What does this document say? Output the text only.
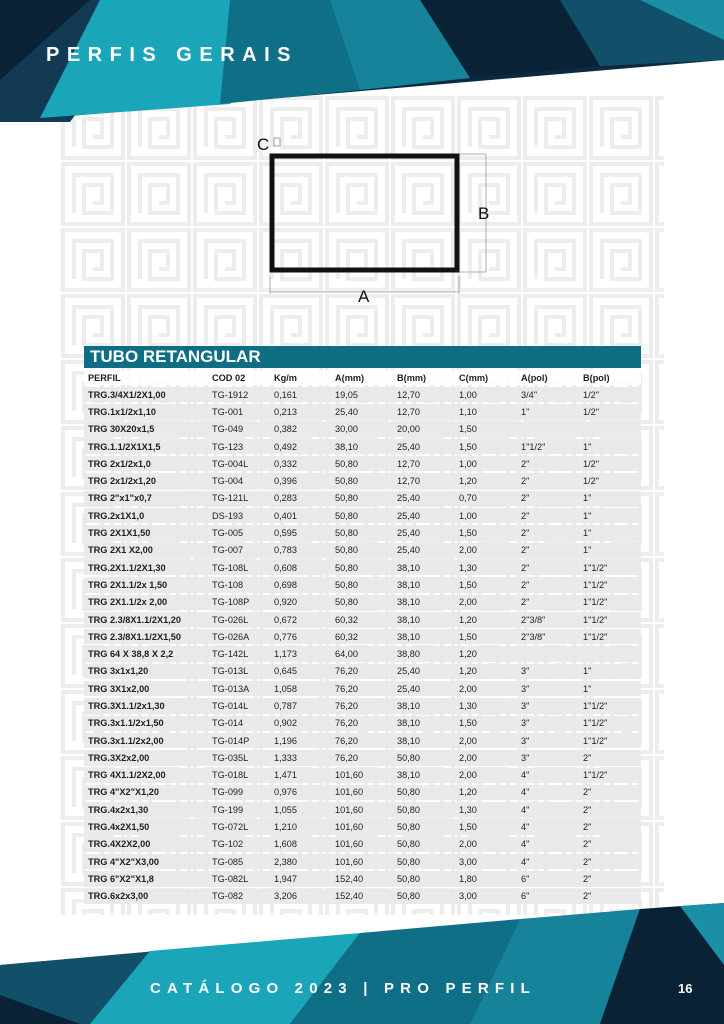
PERFIS GERAIS
C
B
A
TUBO RETANGULAR
PERFIL	COD 02	Kg/m	A(mm)	B(mm)	C(mm)	A(pol)	B(pol)
TRG.3/4X1/2X1,00	TG-1912	0,161	19,05	12,70	1,00	3/4"	1/2"
TRG.1x1/2x1,10	TG-001	0,213	25,40	12,70	1,10	1"	1/2"
TRG 30X20x1,5	TG-049	0,382	30,00	20,00	1,50		
TRG.1.1/2X1X1,5	TG-123	0,492	38,10	25,40	1,50	1"1/2"	1"
TRG 2x1/2x1,0	TG-004L	0,332	50,80	12,70	1,00	2"	1/2"
TRG 2x1/2x1,20	TG-004	0,396	50,80	12,70	1,20	2"	1/2"
TRG 2"x1"x0,7	TG-121L	0,283	50,80	25,40	0,70	2"	1"
TRG.2x1X1,0	DS-193	0,401	50,80	25,40	1,00	2"	1"
TRG 2X1X1,50	TG-005	0,595	50,80	25,40	1,50	2"	1"
TRG 2X1 X2,00	TG-007	0,783	50,80	25,40	2,00	2"	1"
TRG.2X1.1/2X1,30	TG-108L	0,608	50,80	38,10	1,30	2"	1"1/2"
TRG 2X1.1/2x 1,50	TG-108	0,698	50,80	38,10	1,50	2"	1"1/2"
TRG 2X1.1/2x 2,00	TG-108P	0,920	50,80	38,10	2,00	2"	1"1/2"
TRG 2.3/8X1.1/2X1,20	TG-026L	0,672	60,32	38,10	1,20	2"3/8"	1"1/2"
TRG 2.3/8X1.1/2X1,50	TG-026A	0,776	60,32	38,10	1,50	2"3/8"	1"1/2"
TRG 64 X 38,8 X 2,2	TG-142L	1,173	64,00	38,80	1,20		
TRG 3x1x1,20	TG-013L	0,645	76,20	25,40	1,20	3"	1"
TRG 3X1x2,00	TG-013A	1,058	76,20	25,40	2,00	3"	1"
TRG.3X1.1/2x1,30	TG-014L	0,787	76,20	38,10	1,30	3"	1"1/2"
TRG.3x1.1/2x1,50	TG-014	0,902	76,20	38,10	1,50	3"	1"1/2"
TRG.3x1.1/2x2,00	TG-014P	1,196	76,20	38,10	2,00	3"	1"1/2"
TRG.3X2x2,00	TG-035L	1,333	76,20	50,80	2,00	3"	2"
TRG 4X1.1/2X2,00	TG-018L	1,471	101,60	38,10	2,00	4"	1"1/2"
TRG 4"X2"X1,20	TG-099	0,976	101,60	50,80	1,20	4"	2"
TRG.4x2x1,30	TG-199	1,055	101,60	50,80	1,30	4"	2"
TRG.4x2X1,50	TG-072L	1,210	101,60	50,80	1,50	4"	2"
TRG.4X2X2,00	TG-102	1,608	101,60	50,80	2,00	4"	2"
TRG 4"X2"X3,00	TG-085	2,380	101,60	50,80	3,00	4"	2"
TRG 6"X2"X1,8	TG-082L	1,947	152,40	50,80	1,80	6"	2"
TRG.6x2x3,00	TG-082	3,206	152,40	50,80	3,00	6"	2"
CATÁLOGO 2023 | PRO PERFIL	16
